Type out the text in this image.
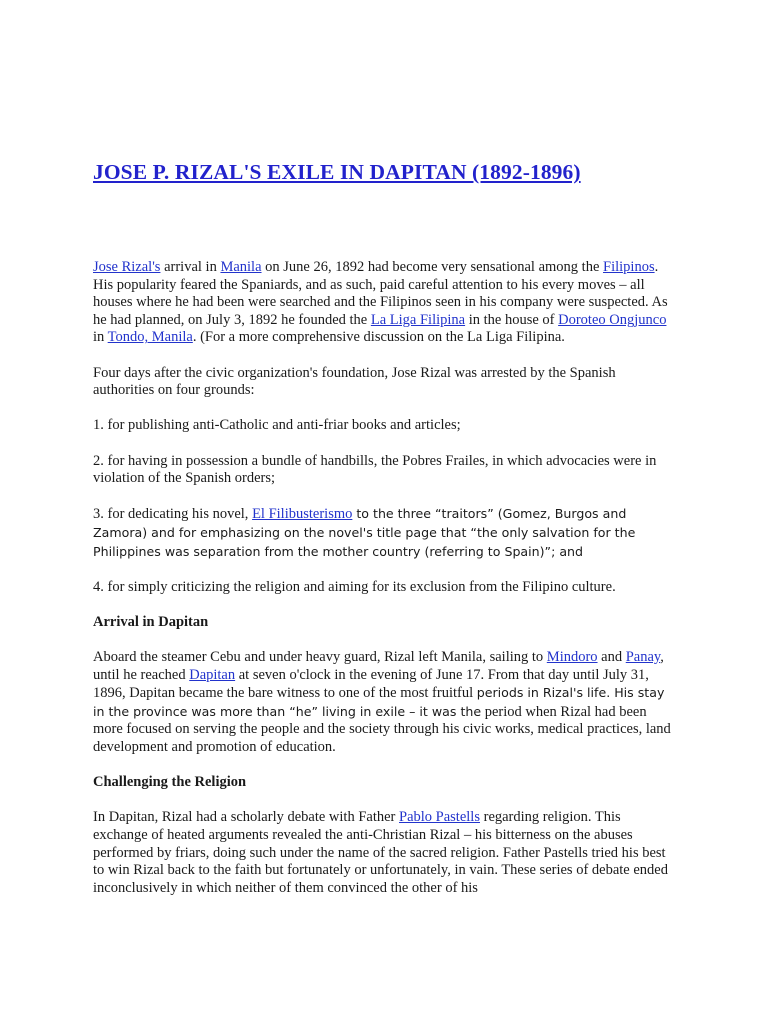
JOSE P. RIZAL'S EXILE IN DAPITAN (1892-1896)

Jose Rizal's arrival in Manila on June 26, 1892 had become very sensational among the Filipinos. His popularity feared the Spaniards, and as such, paid careful attention to his every moves – all houses where he had been were searched and the Filipinos seen in his company were suspected. As he had planned, on July 3, 1892 he founded the La Liga Filipina in the house of Doroteo Ongjunco in Tondo, Manila. (For a more comprehensive discussion on the La Liga Filipina.

Four days after the civic organization's foundation, Jose Rizal was arrested by the Spanish authorities on four grounds:

1. for publishing anti-Catholic and anti-friar books and articles;

2. for having in possession a bundle of handbills, the Pobres Frailes, in which advocacies were in violation of the Spanish orders;

3. for dedicating his novel, El Filibusterismo to the three “traitors” (Gomez, Burgos and Zamora) and for emphasizing on the novel's title page that “the only salvation for the Philippines was separation from the mother country (referring to Spain)”; and

4. for simply criticizing the religion and aiming for its exclusion from the Filipino culture.

Arrival in Dapitan

Aboard the steamer Cebu and under heavy guard, Rizal left Manila, sailing to Mindoro and Panay, until he reached Dapitan at seven o'clock in the evening of June 17. From that day until July 31, 1896, Dapitan became the bare witness to one of the most fruitful periods in Rizal's life. His stay in the province was more than “he” living in exile – it was the period when Rizal had been more focused on serving the people and the society through his civic works, medical practices, land development and promotion of education.

Challenging the Religion

In Dapitan, Rizal had a scholarly debate with Father Pablo Pastells regarding religion. This exchange of heated arguments revealed the anti-Christian Rizal – his bitterness on the abuses performed by friars, doing such under the name of the sacred religion. Father Pastells tried his best to win Rizal back to the faith but fortunately or unfortunately, in vain. These series of debate ended inconclusively in which neither of them convinced the other of his
